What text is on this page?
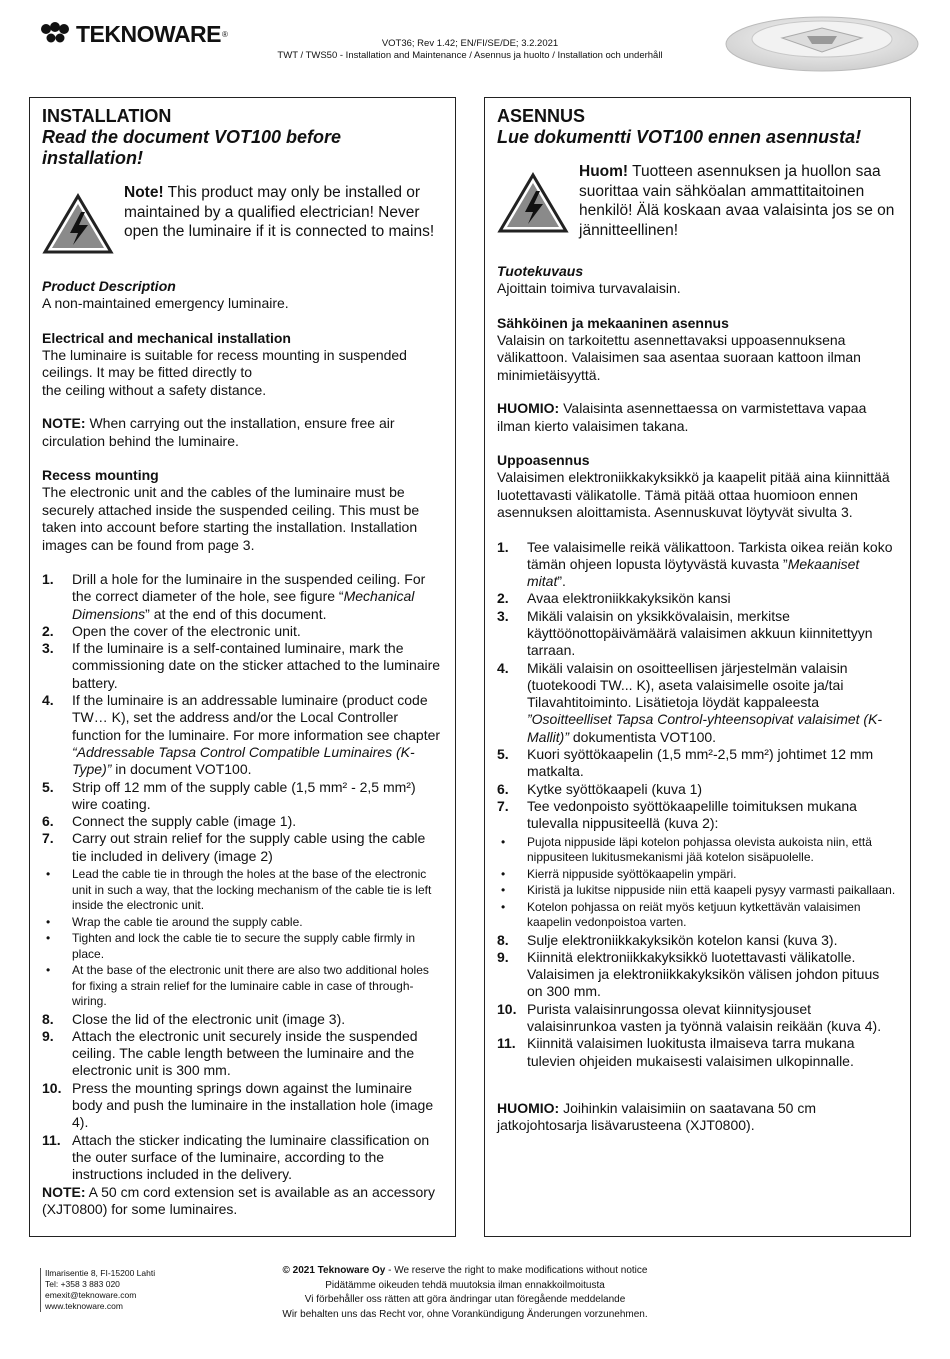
TEKNOWARE ®
VOT36; Rev 1.42; EN/FI/SE/DE; 3.2.2021
TWT / TWS50 - Installation and Maintenance / Asennus ja huolto / Installation och underhåll
INSTALLATION
Read the document VOT100 before installation!
Note! This product may only be installed or maintained by a qualified electrician! Never open the luminaire if it is connected to mains!
Product Description
A non-maintained emergency luminaire.
Electrical and mechanical installation
The luminaire is suitable for recess mounting in suspended ceilings. It may be fitted directly to
the ceiling without a safety distance.
NOTE: When carrying out the installation, ensure free air circulation behind the luminaire.
Recess mounting
The electronic unit and the cables of the luminaire must be securely attached inside the suspended ceiling. This must be taken into account before starting the installation. Installation images can be found from page 3.
1.	Drill a hole for the luminaire in the suspended ceiling. For the correct diameter of the hole, see figure “Mechanical Dimensions” at the end of this document.
2.	Open the cover of the electronic unit.
3.	If the luminaire is a self-contained luminaire, mark the commissioning date on the sticker attached to the luminaire battery.
4.	If the luminaire is an addressable luminaire (product code TW… K), set the address and/or the Local Controller function for the luminaire. For more information see chapter “Addressable Tapsa Control Compatible Luminaires (K-Type)” in document VOT100.
5.	Strip off 12 mm of the supply cable (1,5 mm² - 2,5 mm²) wire coating.
6.	Connect the supply cable (image 1).
7.	Carry out strain relief for the supply cable using the cable tie included in delivery (image 2)
•	Lead the cable tie in through the holes at the base of the electronic unit in such a way, that the locking mechanism of the cable tie is left inside the electronic unit.
•	Wrap the cable tie around the supply cable.
•	Tighten and lock the cable tie to secure the supply cable firmly in place.
•	At the base of the electronic unit there are also two additional holes for fixing a strain relief for the luminaire cable in case of through-wiring.
8.	Close the lid of the electronic unit (image 3).
9.	Attach the electronic unit securely inside the suspended ceiling. The cable length between the luminaire and the electronic unit is 300 mm.
10. Press the mounting springs down against the luminaire body and push the luminaire in the installation hole (image 4).
11. Attach the sticker indicating the luminaire classification on the outer surface of the luminaire, according to the instructions included in the delivery.
NOTE: A 50 cm cord extension set is available as an accessory (XJT0800) for some luminaires.
ASENNUS
Lue dokumentti VOT100 ennen asennusta!
Huom! Tuotteen asennuksen ja huollon saa suorittaa vain sähköalan ammattitaitoinen henkilö! Älä koskaan avaa valaisinta jos se on jännitteellinen!
Tuotekuvaus
Ajoittain toimiva turvavalaisin.
Sähköinen ja mekaaninen asennus
Valaisin on tarkoitettu asennettavaksi uppoasennuksena välikattoon. Valaisimen saa asentaa suoraan kattoon ilman minimietäisyyttä.
HUOMIO: Valaisinta asennettaessa on varmistettava vapaa ilman kierto valaisimen takana.
Uppoasennus
Valaisimen elektroniikkakyksikkö ja kaapelit pitää aina kiinnittää luotettavasti välikatolle. Tämä pitää ottaa huomioon ennen asennuksen aloittamista. Asennuskuvat löytyvät sivulta 3.
1.	Tee valaisimelle reikä välikattoon. Tarkista oikea reiän koko tämän ohjeen lopusta löytyvästä kuvasta ”Mekaaniset mitat”.
2.	Avaa elektroniikkakyksikön kansi
3.	Mikäli valaisin on yksikkövalaisin, merkitse käyttöönottopäivämäärä valaisimen akkuun kiinnitettyyn tarraan.
4.	Mikäli valaisin on osoitteellisen järjestelmän valaisin (tuotekoodi TW... K), aseta valaisimelle osoite ja/tai Tilavahtitoiminto. Lisätietoja löydät kappaleesta ”Osoitteelliset Tapsa Control-yhteensopivat valaisimet (K-Mallit)” dokumentista VOT100.
5.	Kuori syöttökaapelin (1,5 mm²-2,5 mm²) johtimet 12 mm matkalta.
6.	Kytke syöttökaapeli (kuva 1)
7.	Tee vedonpoisto syöttökaapelille toimituksen mukana tulevalla nippusiteellä (kuva 2):
•	Pujota nippuside läpi kotelon pohjassa olevista aukoista niin, että nippusiteen lukitusmekanismi jää kotelon sisäpuolelle.
•	Kierrä nippuside syöttökaapelin ympäri.
•	Kiristä ja lukitse nippuside niin että kaapeli pysyy varmasti paikallaan.
•	Kotelon pohjassa on reiät myös ketjuun kytkettävän valaisimen kaapelin vedonpoistoa varten.
8.	Sulje elektroniikkakyksikön kotelon kansi (kuva 3).
9.	Kiinnitä elektroniikkakyksikkö luotettavasti välikatolle. Valaisimen ja elektroniikkakyksikön välisen johdon pituus on 300 mm.
10. Purista valaisinrungossa olevat kiinnitysjouset valaisinrunkoa vasten ja työnnä valaisin reikään (kuva 4).
11. Kiinnitä valaisimen luokitusta ilmaiseva tarra mukana tulevien ohjeiden mukaisesti valaisimen ulkopinnalle.
HUOMIO: Joihinkin valaisimiin on saatavana 50 cm jatkojohtosarja lisävarusteena (XJT0800).
Ilmarisentie 8, FI-15200 Lahti
Tel: +358 3 883 020
emexit@teknoware.com
www.teknoware.com
© 2021 Teknoware Oy - We reserve the right to make modifications without notice
Pidätämme oikeuden tehdä muutoksia ilman ennakkoilmoitusta
Vi förbehåller oss rätten att göra ändringar utan föregående meddelande
Wir behalten uns das Recht vor, ohne Vorankündigung Änderungen vorzunehmen.
